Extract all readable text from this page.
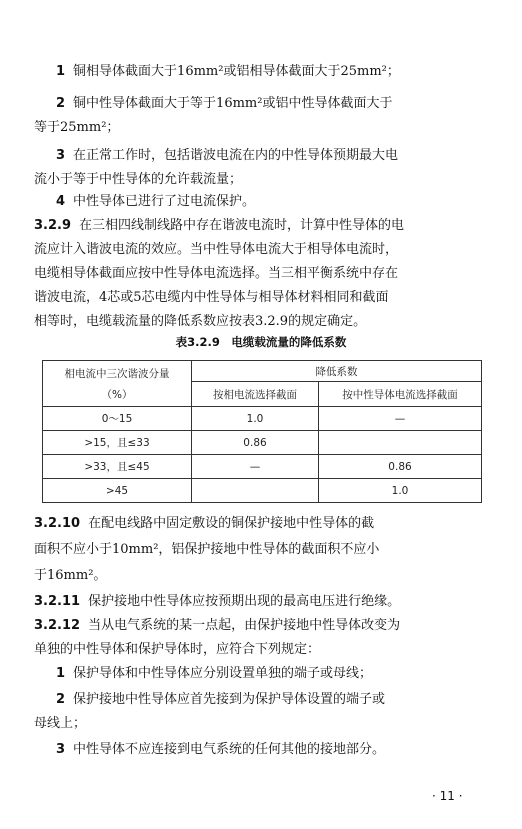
1 铜相导体截面大于16mm²或铝相导体截面大于25mm²；
2 铜中性导体截面大于等于16mm²或铝中性导体截面大于
等于25mm²；
3 在正常工作时，包括谐波电流在内的中性导体预期最大电
流小于等于中性导体的允许载流量；
4 中性导体已进行了过电流保护。
3.2.9 在三相四线制线路中存在谐波电流时，计算中性导体的电
流应计入谐波电流的效应。当中性导体电流大于相导体电流时，
电缆相导体截面应按中性导体电流选择。当三相平衡系统中存在
谐波电流，4芯或5芯电缆内中性导体与相导体材料相同和截面
相等时，电缆载流量的降低系数应按表3.2.9的规定确定。
表3.2.9　电缆载流量的降低系数
相电流中三次谐波分量
（%）	降低系数	
	按相电流选择截面	按中性导体电流选择截面
0～15	1.0	—
>15，且≤33	0.86	
>33，且≤45	—	0.86
>45		1.0
3.2.10 在配电线路中固定敷设的铜保护接地中性导体的截
面积不应小于10mm²，铝保护接地中性导体的截面积不应小
于16mm²。
3.2.11 保护接地中性导体应按预期出现的最高电压进行绝缘。
3.2.12 当从电气系统的某一点起，由保护接地中性导体改变为
单独的中性导体和保护导体时，应符合下列规定：
1 保护导体和中性导体应分别设置单独的端子或母线；
2 保护接地中性导体应首先接到为保护导体设置的端子或
母线上；
3 中性导体不应连接到电气系统的任何其他的接地部分。
· 11 ·
